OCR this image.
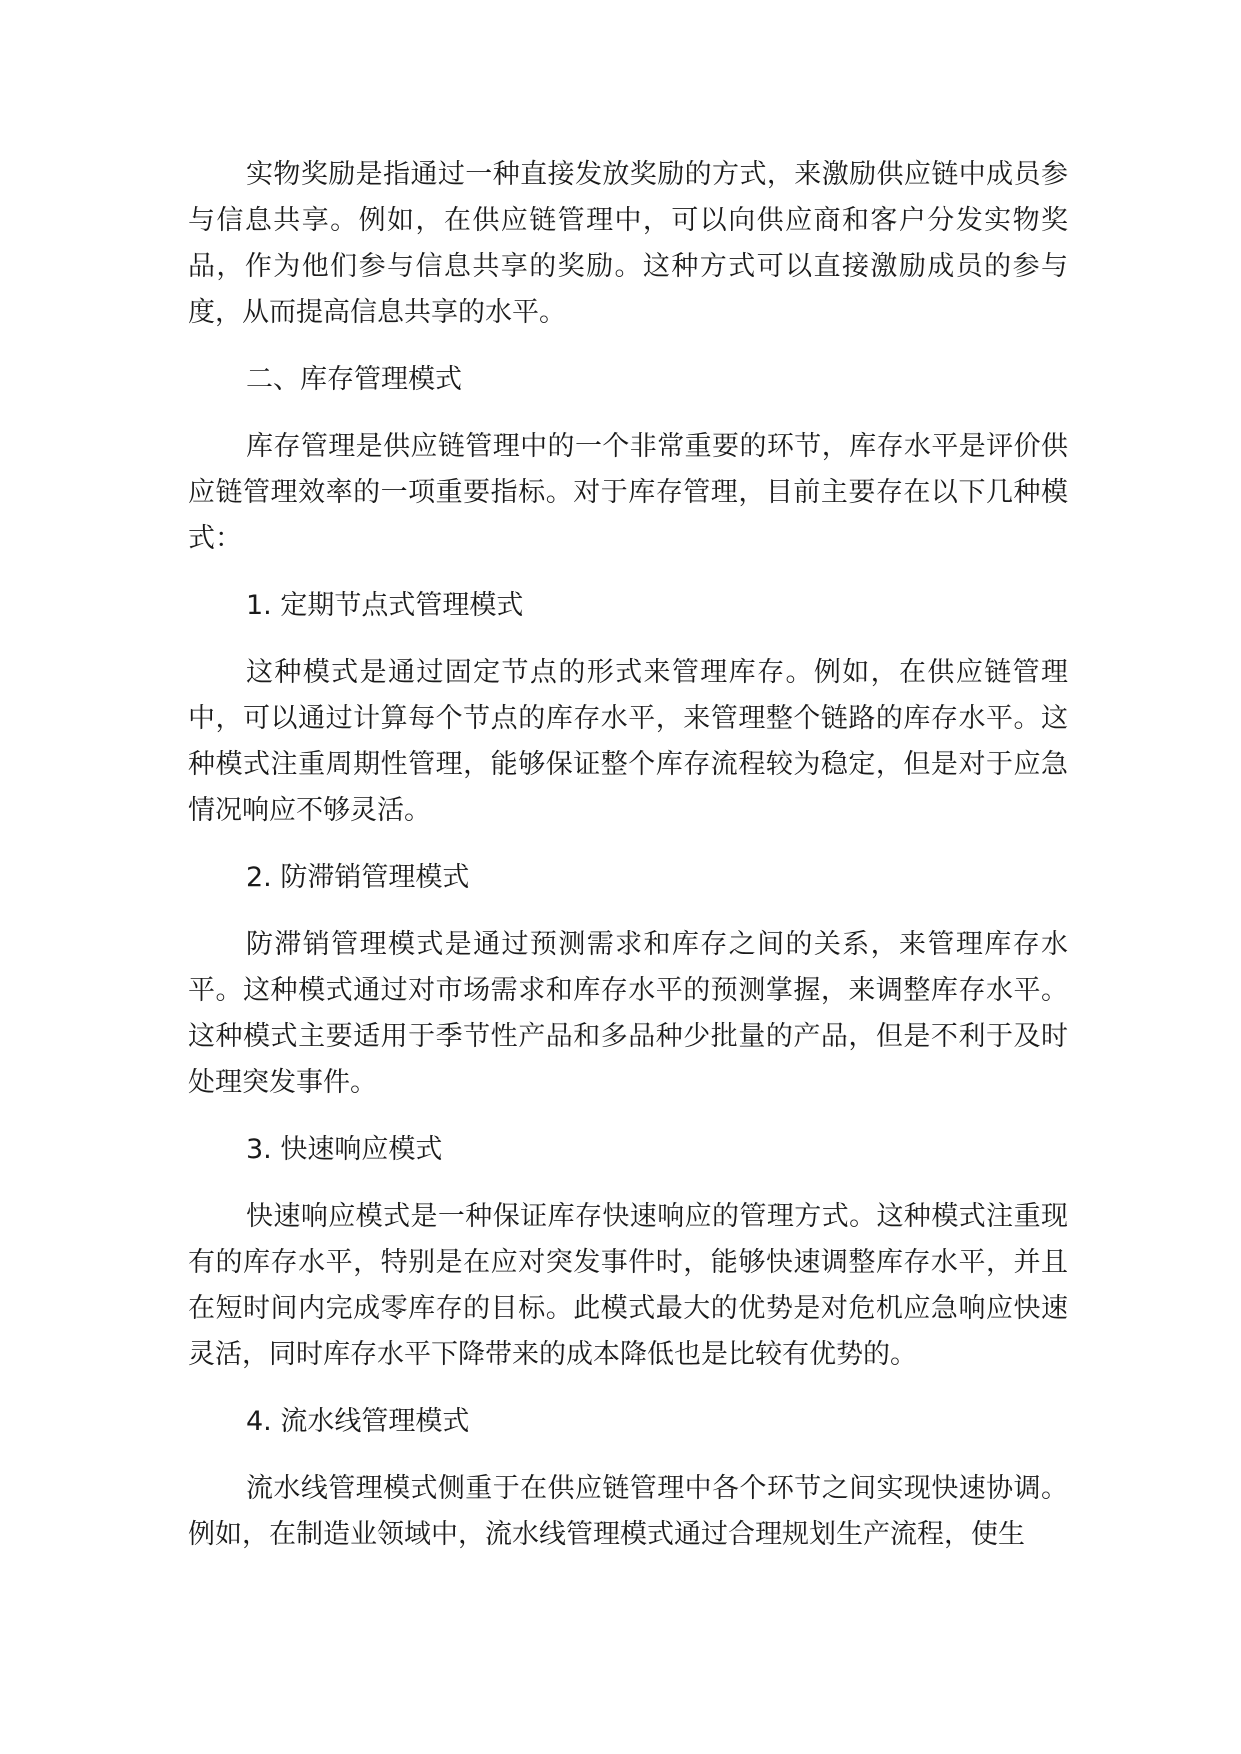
实物奖励是指通过一种直接发放奖励的方式，来激励供应链中成员参与信息共享。例如，在供应链管理中，可以向供应商和客户分发实物奖品，作为他们参与信息共享的奖励。这种方式可以直接激励成员的参与度，从而提高信息共享的水平。

二、库存管理模式

库存管理是供应链管理中的一个非常重要的环节，库存水平是评价供应链管理效率的一项重要指标。对于库存管理，目前主要存在以下几种模式：

1. 定期节点式管理模式

这种模式是通过固定节点的形式来管理库存。例如，在供应链管理中，可以通过计算每个节点的库存水平，来管理整个链路的库存水平。这种模式注重周期性管理，能够保证整个库存流程较为稳定，但是对于应急情况响应不够灵活。

2. 防滞销管理模式

防滞销管理模式是通过预测需求和库存之间的关系，来管理库存水平。这种模式通过对市场需求和库存水平的预测掌握，来调整库存水平。这种模式主要适用于季节性产品和多品种少批量的产品，但是不利于及时处理突发事件。

3. 快速响应模式

快速响应模式是一种保证库存快速响应的管理方式。这种模式注重现有的库存水平，特别是在应对突发事件时，能够快速调整库存水平，并且在短时间内完成零库存的目标。此模式最大的优势是对危机应急响应快速灵活，同时库存水平下降带来的成本降低也是比较有优势的。

4. 流水线管理模式

流水线管理模式侧重于在供应链管理中各个环节之间实现快速协调。例如，在制造业领域中，流水线管理模式通过合理规划生产流程，使生
